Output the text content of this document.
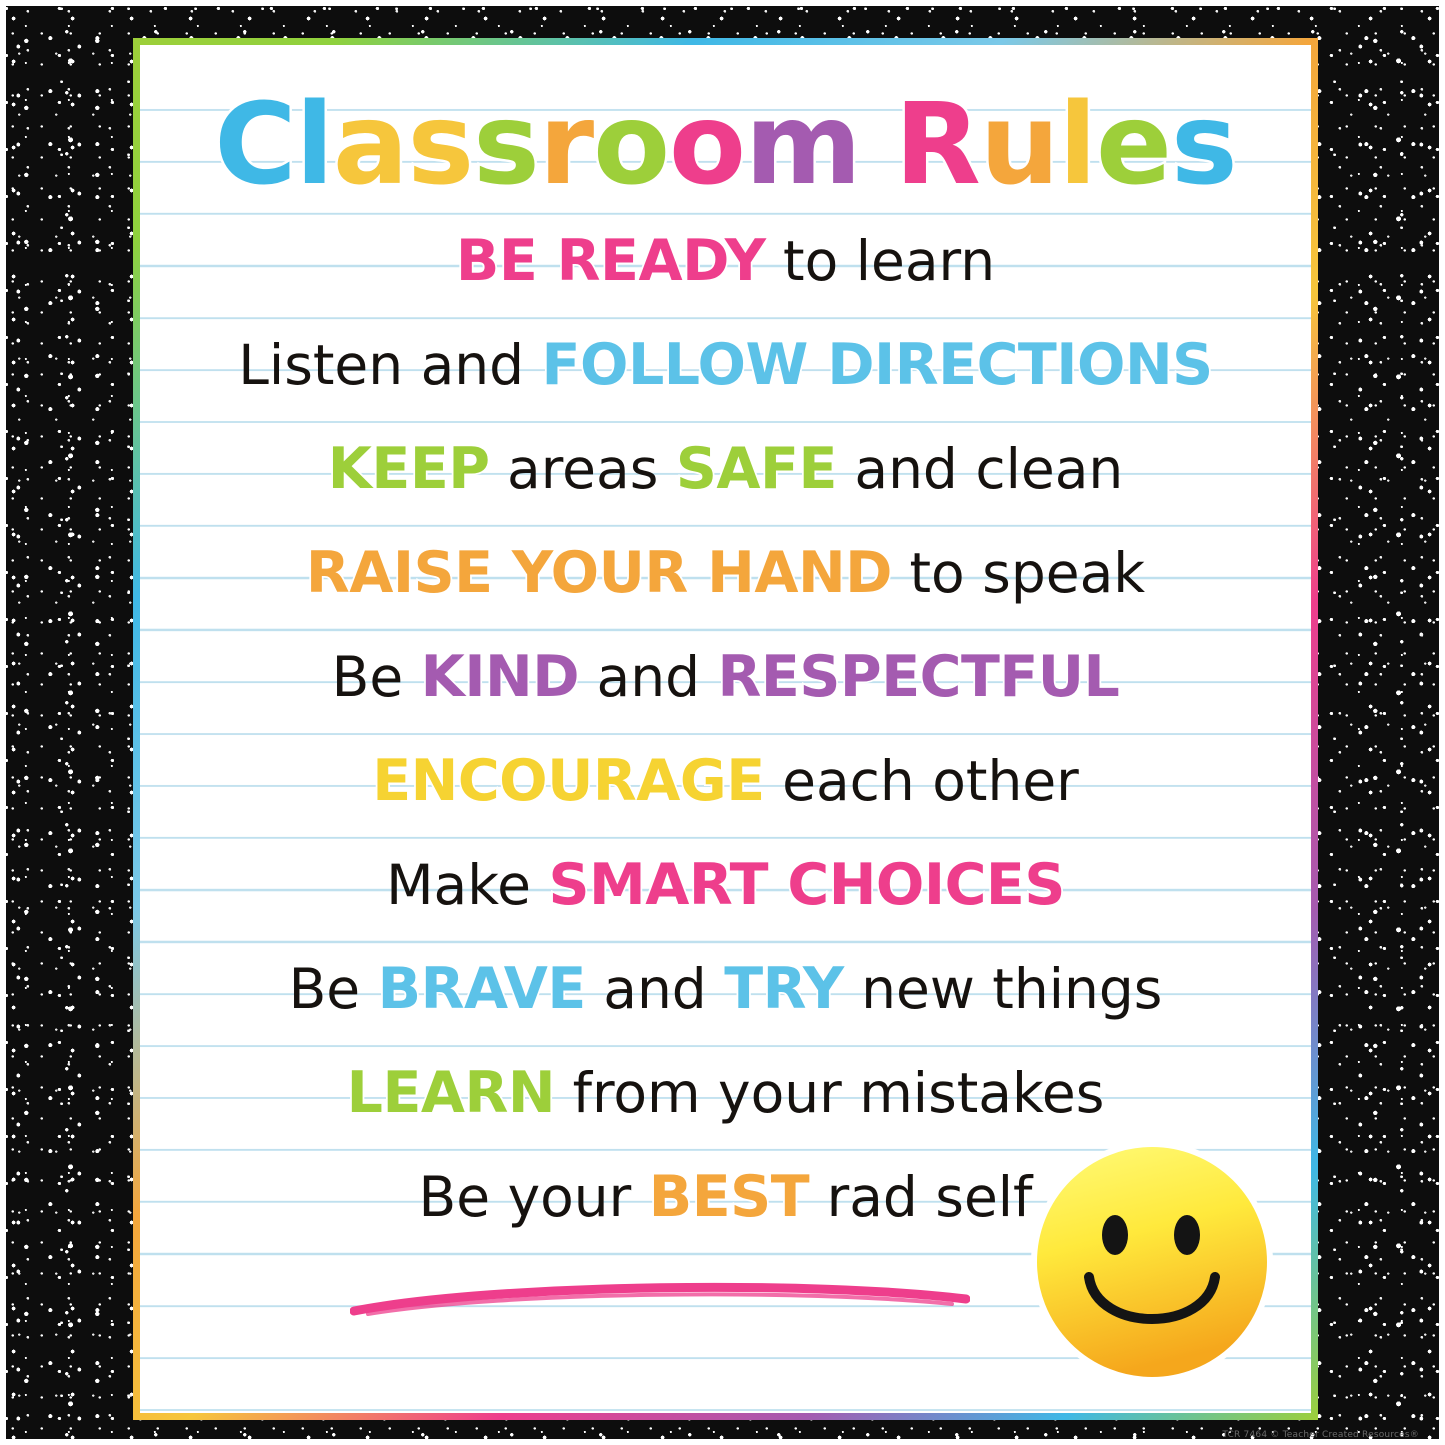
Classroom Rules
BE READY to learn
Listen and FOLLOW DIRECTIONS
KEEP areas SAFE and clean
RAISE YOUR HAND to speak
Be KIND and RESPECTFUL
ENCOURAGE each other
Make SMART CHOICES
Be BRAVE and TRY new things
LEARN from your mistakes
Be your BEST rad self
TCR 7464 © Teacher Created Resources®
